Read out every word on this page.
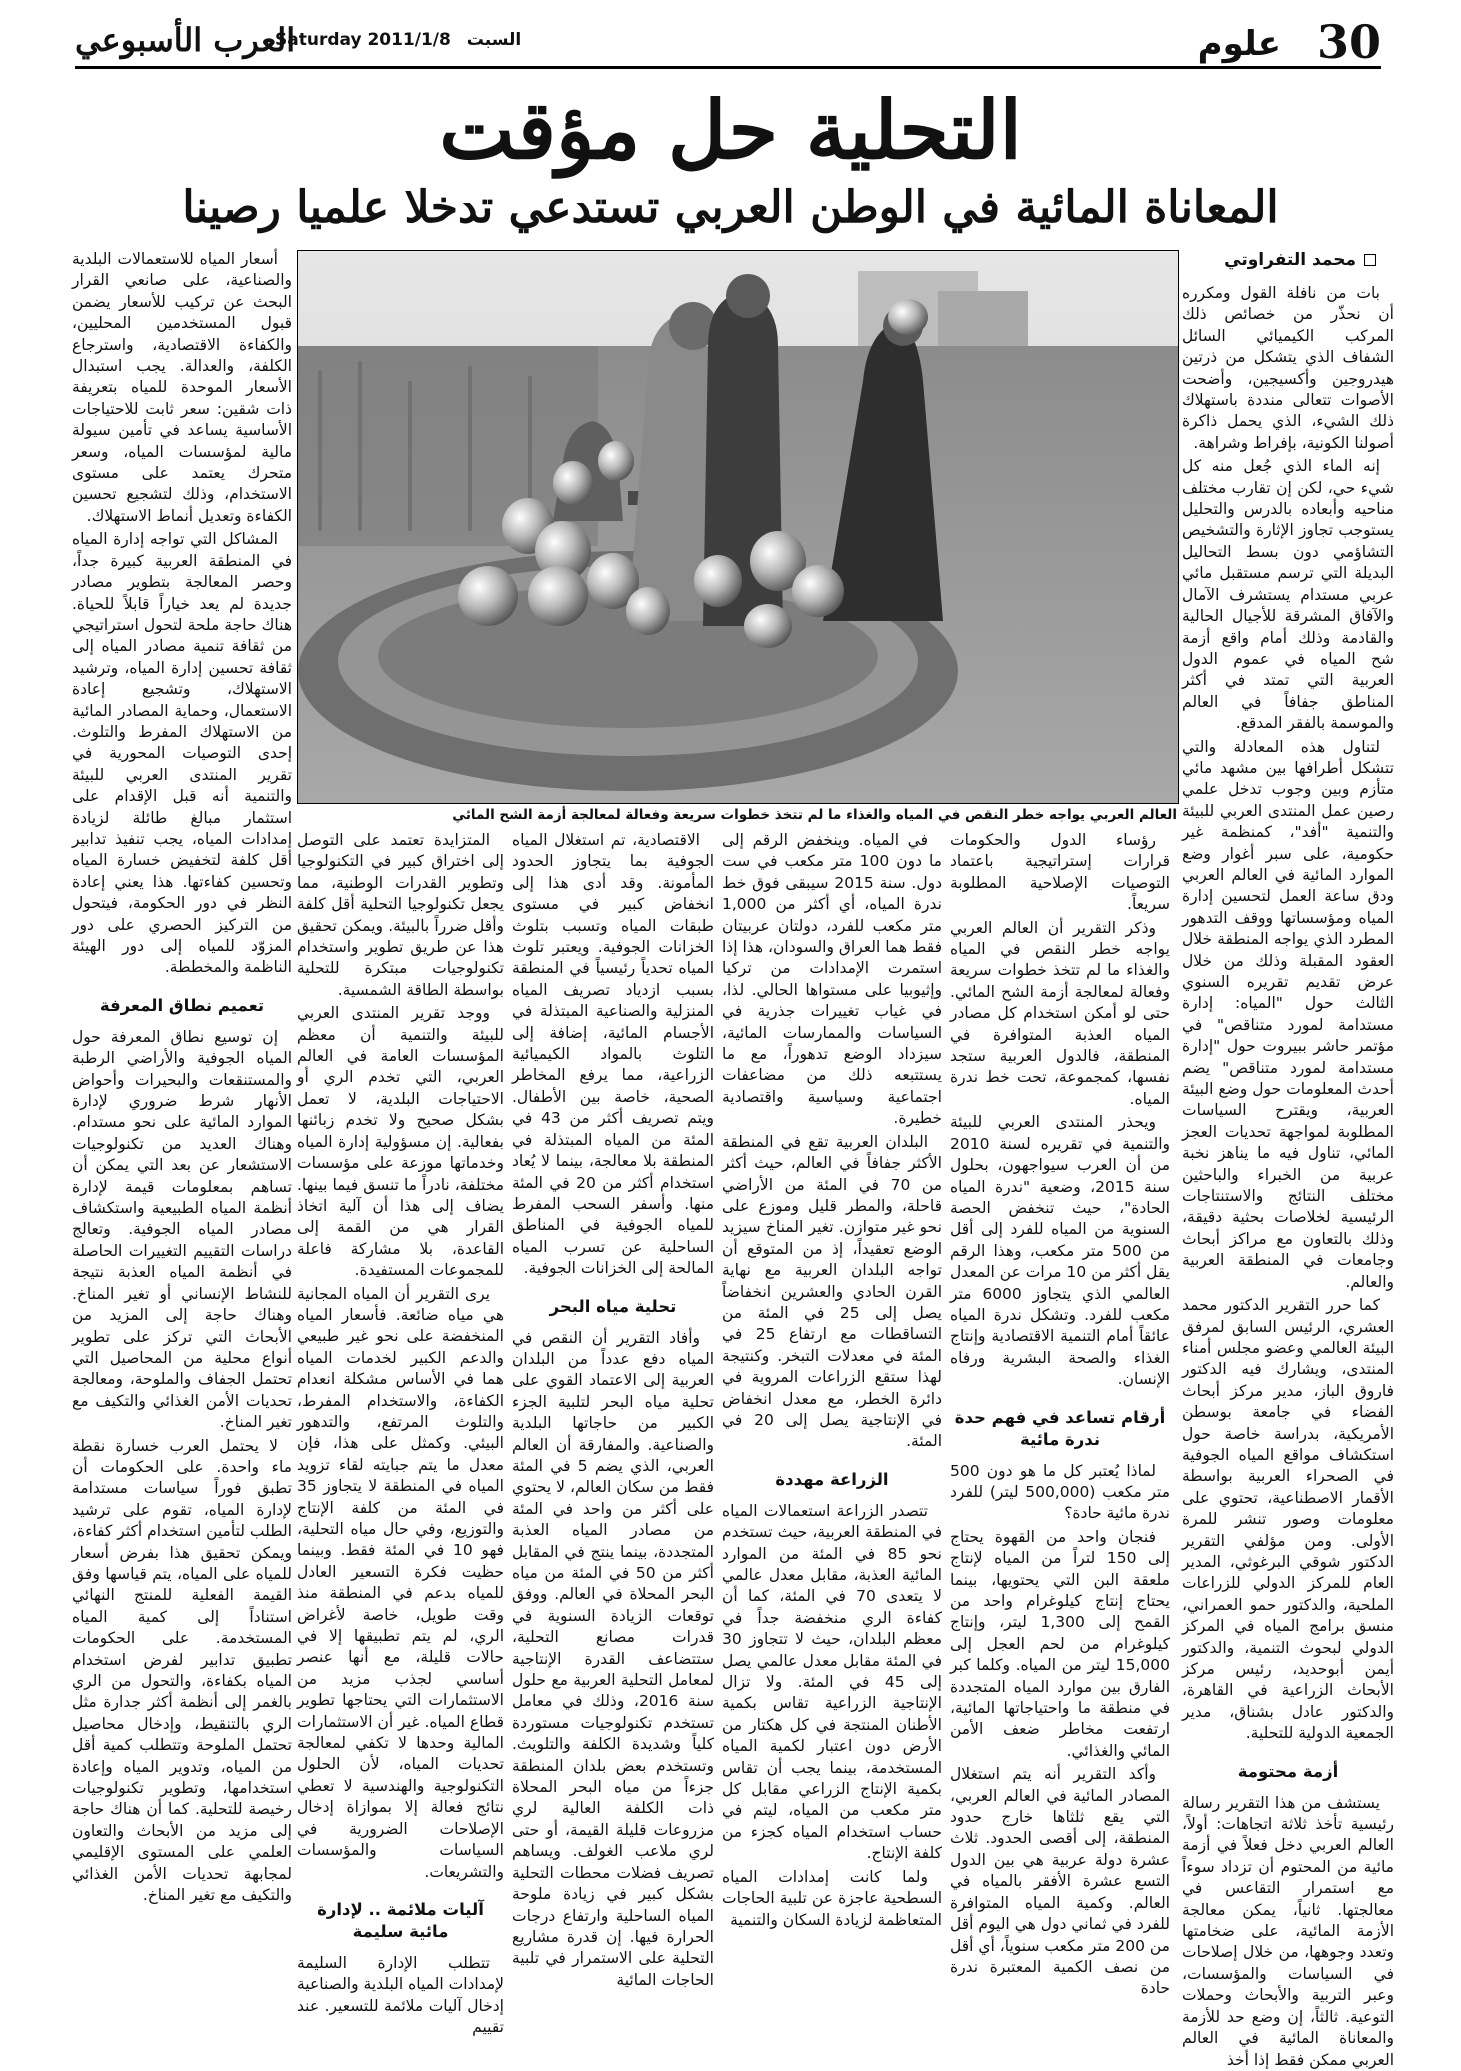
30
علوم
العرب الأسبوعي
Saturday 2011/1/8 السبت
التحلية حل مؤقت
المعاناة المائية في الوطن العربي تستدعي تدخلا علميا رصينا
محمد التفراوتي
العالم العربي يواجه خطر النقص في المياه والغذاء ما لم تتخذ خطوات سريعة وفعالة لمعالجة أزمة الشح المائي

بات من نافلة القول ومكرره أن نحذّر من خصائص ذلك المركب الكيميائي السائل الشفاف الذي يتشكل من ذرتين هيدروجين وأكسيجين، وأضحت الأصوات تتعالى منددة باستهلاك ذلك الشيء، الذي يحمل ذاكرة أصولنا الكونية، بإفراط وشراهة.

إنه الماء الذي جُعل منه كل شيء حي، لكن إن تقارب مختلف مناحيه وأبعاده بالدرس والتحليل يستوجب تجاوز الإثارة والتشخيص التشاؤمي دون بسط التحاليل البديلة التي ترسم مستقبل مائي عربي مستدام يستشرف الآمال والآفاق المشرقة للأجيال الحالية والقادمة وذلك أمام واقع أزمة شح المياه في عموم الدول العربية التي تمتد في أكثر المناطق جفافاً في العالم والموسمة بالفقر المدقع.

لتناول هذه المعادلة والتي تتشكل أطرافها بين مشهد مائي متأزم وبين وجوب تدخل علمي رصين عمل المنتدى العربي للبيئة والتنمية "أفد"، كمنظمة غير حكومية، على سبر أغوار وضع الموارد المائية في العالم العربي ودق ساعة العمل لتحسين إدارة المياه ومؤسساتها ووقف التدهور المطرد الذي يواجه المنطقة خلال العقود المقبلة وذلك من خلال عرض تقديم تقريره السنوي الثالث حول "المياه: إدارة مستدامة لمورد متناقص" في مؤتمر حاشر ببيروت حول "إدارة مستدامة لمورد متناقص" يضم أحدث المعلومات حول وضع البيئة العربية، ويقترح السياسات المطلوبة لمواجهة تحديات العجز المائي، تناول فيه ما يناهز نخبة عربية من الخبراء والباحثين مختلف النتائج والاستنتاجات الرئيسية لخلاصات بحثية دقيقة، وذلك بالتعاون مع مراكز أبحاث وجامعات في المنطقة العربية والعالم.

كما حرر التقرير الدكتور محمد العشري، الرئيس السابق لمرفق البيئة العالمي وعضو مجلس أمناء المنتدى، ويشارك فيه الدكتور فاروق الباز، مدير مركز أبحاث الفضاء في جامعة بوسطن الأمريكية، بدراسة خاصة حول استكشاف مواقع المياه الجوفية في الصحراء العربية بواسطة الأقمار الاصطناعية، تحتوي على معلومات وصور تنشر للمرة الأولى. ومن مؤلفي التقرير الدكتور شوقي البرغوثي، المدير العام للمركز الدولي للزراعات الملحية، والدكتور حمو العمراني، منسق برامج المياه في المركز الدولي لبحوث التنمية، والدكتور أيمن أبوحديد، رئيس مركز الأبحاث الزراعية في القاهرة، والدكتور عادل بشناق، مدير الجمعية الدولية للتحلية.

أزمة محتومة

يستشف من هذا التقرير رسالة رئيسية تأخذ ثلاثة اتجاهات: أولاً، العالم العربي دخل فعلاً في أزمة مائية من المحتوم أن تزداد سوءاً مع استمرار التقاعس في معالجتها. ثانياً، يمكن معالجة الأزمة المائية، على ضخامتها وتعدد وجوهها، من خلال إصلاحات في السياسات والمؤسسات، وعبر التربية والأبحاث وحملات التوعية. ثالثاً، إن وضع حد للأزمة والمعاناة المائية في العالم العربي ممكن فقط إذا أخذ

رؤساء الدول والحكومات قرارات إستراتيجية باعتماد التوصيات الإصلاحية المطلوبة سريعاً.

وذكر التقرير أن العالم العربي يواجه خطر النقص في المياه والغذاء ما لم تتخذ خطوات سريعة وفعالة لمعالجة أزمة الشح المائي. حتى لو أمكن استخدام كل مصادر المياه العذبة المتوافرة في المنطقة، فالدول العربية ستجد نفسها، كمجموعة، تحت خط ندرة المياه.

ويحذر المنتدى العربي للبيئة والتنمية في تقريره لسنة 2010 من أن العرب سيواجهون، بحلول سنة 2015، وضعية "ندرة المياه الحادة"، حيث تنخفض الحصة السنوية من المياه للفرد إلى أقل من 500 متر مكعب، وهذا الرقم يقل أكثر من 10 مرات عن المعدل العالمي الذي يتجاوز 6000 متر مكعب للفرد. وتشكل ندرة المياه عائقاً أمام التنمية الاقتصادية وإنتاج الغذاء والصحة البشرية ورفاه الإنسان.

أرقام تساعد في فهم حدة ندرة مائية

لماذا يُعتبر كل ما هو دون 500 متر مكعب (500,000 ليتر) للفرد ندرة مائية حادة؟

فنجان واحد من القهوة يحتاج إلى 150 لتراً من المياه لإنتاج ملعقة البن التي يحتويها، بينما يحتاج إنتاج كيلوغرام واحد من القمح إلى 1,300 ليتر، وإنتاج كيلوغرام من لحم العجل إلى 15,000 ليتر من المياه. وكلما كبر الفارق بين موارد المياه المتجددة في منطقة ما واحتياجاتها المائية، ارتفعت مخاطر ضعف الأمن المائي والغذائي.

وأكد التقرير أنه يتم استغلال المصادر المائية في العالم العربي، التي يقع ثلثاها خارج حدود المنطقة، إلى أقصى الحدود. ثلاث عشرة دولة عربية هي بين الدول التسع عشرة الأفقر بالمياه في العالم. وكمية المياه المتوافرة للفرد في ثماني دول هي اليوم أقل من 200 متر مكعب سنوياً، أي أقل من نصف الكمية المعتبرة ندرة حادة

في المياه. وينخفض الرقم إلى ما دون 100 متر مكعب في ست دول. سنة 2015 سيبقى فوق خط ندرة المياه، أي أكثر من 1,000 متر مكعب للفرد، دولتان عربيتان فقط هما العراق والسودان، هذا إذا استمرت الإمدادات من تركيا وإثيوبيا على مستواها الحالي. لذا، في غياب تغييرات جذرية في السياسات والممارسات المائية، سيزداد الوضع تدهوراً، مع ما يستتبعه ذلك من مضاعفات اجتماعية وسياسية واقتصادية خطيرة.

البلدان العربية تقع في المنطقة الأكثر جفافاً في العالم، حيث أكثر من 70 في المئة من الأراضي قاحلة، والمطر قليل وموزع على نحو غير متوازن. تغير المناخ سيزيد الوضع تعقيداً، إذ من المتوقع أن تواجه البلدان العربية مع نهاية القرن الحادي والعشرين انخفاضاً يصل إلى 25 في المئة من التساقطات مع ارتفاع 25 في المئة في معدلات التبخر. وكنتيجة لهذا ستقع الزراعات المروية في دائرة الخطر، مع معدل انخفاض في الإنتاجية يصل إلى 20 في المئة.

الزراعة مهددة

تتصدر الزراعة استعمالات المياه في المنطقة العربية، حيث تستخدم نحو 85 في المئة من الموارد المائية العذبة، مقابل معدل عالمي لا يتعدى 70 في المئة، كما أن كفاءة الري منخفضة جداً في معظم البلدان، حيث لا تتجاوز 30 في المئة مقابل معدل عالمي يصل إلى 45 في المئة. ولا تزال الإنتاجية الزراعية تقاس بكمية الأطنان المنتجة في كل هكتار من الأرض دون اعتبار لكمية المياه المستخدمة، بينما يجب أن تقاس بكمية الإنتاج الزراعي مقابل كل متر مكعب من المياه، ليتم في حساب استخدام المياه كجزء من كلفة الإنتاج.

ولما كانت إمدادات المياه السطحية عاجزة عن تلبية الحاجات المتعاظمة لزيادة السكان والتنمية

الاقتصادية، تم استغلال المياه الجوفية بما يتجاوز الحدود المأمونة. وقد أدى هذا إلى انخفاض كبير في مستوى طبقات المياه وتسبب بتلوث الخزانات الجوفية. ويعتبر تلوث المياه تحدياً رئيسياً في المنطقة بسبب ازدياد تصريف المياه المنزلية والصناعية المبتذلة في الأجسام المائية، إضافة إلى التلوث بالمواد الكيميائية الزراعية، مما يرفع المخاطر الصحية، خاصة بين الأطفال. ويتم تصريف أكثر من 43 في المئة من المياه المبتذلة في المنطقة بلا معالجة، بينما لا يُعاد استخدام أكثر من 20 في المئة منها. وأسفر السحب المفرط للمياه الجوفية في المناطق الساحلية عن تسرب المياه المالحة إلى الخزانات الجوفية.

تحلية مياه البحر

وأفاد التقرير أن النقص في المياه دفع عدداً من البلدان العربية إلى الاعتماد القوي على تحلية مياه البحر لتلبية الجزء الكبير من حاجاتها البلدية والصناعية. والمفارقة أن العالم العربي، الذي يضم 5 في المئة فقط من سكان العالم، لا يحتوي على أكثر من واحد في المئة من مصادر المياه العذبة المتجددة، بينما ينتج في المقابل أكثر من 50 في المئة من مياه البحر المحلاة في العالم. ووفق توقعات الزيادة السنوية في قدرات مصانع التحلية، ستتضاعف القدرة الإنتاجية لمعامل التحلية العربية مع حلول سنة 2016، وذلك في معامل تستخدم تكنولوجيات مستوردة كلياً وشديدة الكلفة والتلويث. وتستخدم بعض بلدان المنطقة جزءاً من مياه البحر المحلاة ذات الكلفة العالية لري مزروعات قليلة القيمة، أو حتى لري ملاعب الغولف. ويساهم تصريف فضلات محطات التحلية بشكل كبير في زيادة ملوحة المياه الساحلية وارتفاع درجات الحرارة فيها. إن قدرة مشاريع التحلية على الاستمرار في تلبية الحاجات المائية

المتزايدة تعتمد على التوصل إلى اختراق كبير في التكنولوجيا وتطوير القدرات الوطنية، مما يجعل تكنولوجيا التحلية أقل كلفة وأقل ضرراً بالبيئة. ويمكن تحقيق هذا عن طريق تطوير واستخدام تكنولوجيات مبتكرة للتحلية بواسطة الطاقة الشمسية.

ووجد تقرير المنتدى العربي للبيئة والتنمية أن معظم المؤسسات العامة في العالم العربي، التي تخدم الري أو الاحتياجات البلدية، لا تعمل بشكل صحيح ولا تخدم زبائنها بفعالية. إن مسؤولية إدارة المياه وخدماتها موزعة على مؤسسات مختلفة، نادراً ما تنسق فيما بينها. يضاف إلى هذا أن آلية اتخاذ القرار هي من القمة إلى القاعدة، بلا مشاركة فاعلة للمجموعات المستفيدة.

يرى التقرير أن المياه المجانية هي مياه ضائعة. فأسعار المياه المنخفضة على نحو غير طبيعي والدعم الكبير لخدمات المياه هما في الأساس مشكلة انعدام الكفاءة، والاستخدام المفرط، والتلوث المرتفع، والتدهور البيئي. وكمثل على هذا، فإن معدل ما يتم جبايته لقاء تزويد المياه في المنطقة لا يتجاوز 35 في المئة من كلفة الإنتاج والتوزيع، وفي حال مياه التحلية، فهو 10 في المئة فقط. وبينما حظيت فكرة التسعير العادل للمياه بدعم في المنطقة منذ وقت طويل، خاصة لأغراض الري، لم يتم تطبيقها إلا في حالات قليلة، مع أنها عنصر أساسي لجذب مزيد من الاستثمارات التي يحتاجها تطوير قطاع المياه. غير أن الاستثمارات المالية وحدها لا تكفي لمعالجة تحديات المياه، لأن الحلول التكنولوجية والهندسية لا تعطي نتائج فعالة إلا بموازاة إدخال الإصلاحات الضرورية في السياسات والمؤسسات والتشريعات.

آليات ملائمة .. لإدارة مائية سليمة

تتطلب الإدارة السليمة لإمدادات المياه البلدية والصناعية إدخال آليات ملائمة للتسعير. عند تقييم

أسعار المياه للاستعمالات البلدية والصناعية، على صانعي القرار البحث عن تركيب للأسعار يضمن قبول المستخدمين المحليين، والكفاءة الاقتصادية، واسترجاع الكلفة، والعدالة. يجب استبدال الأسعار الموحدة للمياه بتعريفة ذات شقين: سعر ثابت للاحتياجات الأساسية يساعد في تأمين سيولة مالية لمؤسسات المياه، وسعر متحرك يعتمد على مستوى الاستخدام، وذلك لتشجيع تحسين الكفاءة وتعديل أنماط الاستهلاك.

المشاكل التي تواجه إدارة المياه في المنطقة العربية كبيرة جداً، وحصر المعالجة بتطوير مصادر جديدة لم يعد خياراً قابلاً للحياة. هناك حاجة ملحة لتحول استراتيجي من ثقافة تنمية مصادر المياه إلى ثقافة تحسين إدارة المياه، وترشيد الاستهلاك، وتشجيع إعادة الاستعمال، وحماية المصادر المائية من الاستهلاك المفرط والتلوث. إحدى التوصيات المحورية في تقرير المنتدى العربي للبيئة والتنمية أنه قبل الإقدام على استثمار مبالغ طائلة لزيادة إمدادات المياه، يجب تنفيذ تدابير أقل كلفة لتخفيض خسارة المياه وتحسين كفاءتها. هذا يعني إعادة النظر في دور الحكومة، فيتحول من التركيز الحصري على دور المزوّد للمياه إلى دور الهيئة الناظمة والمخططة.

تعميم نطاق المعرفة

إن توسيع نطاق المعرفة حول المياه الجوفية والأراضي الرطبة والمستنقعات والبحيرات وأحواض الأنهار شرط ضروري لإدارة الموارد المائية على نحو مستدام. وهناك العديد من تكنولوجيات الاستشعار عن بعد التي يمكن أن تساهم بمعلومات قيمة لإدارة أنظمة المياه الطبيعية واستكشاف مصادر المياه الجوفية. وتعالج دراسات التقييم التغييرات الحاصلة في أنظمة المياه العذبة نتيجة للنشاط الإنساني أو تغير المناخ. وهناك حاجة إلى المزيد من الأبحاث التي تركز على تطوير أنواع محلية من المحاصيل التي تحتمل الجفاف والملوحة، ومعالجة تحديات الأمن الغذائي والتكيف مع تغير المناخ.

لا يحتمل العرب خسارة نقطة ماء واحدة. على الحكومات أن تطبق فوراً سياسات مستدامة لإدارة المياه، تقوم على ترشيد الطلب لتأمين استخدام أكثر كفاءة، ويمكن تحقيق هذا بفرض أسعار للمياه على المياه، يتم قياسها وفق القيمة الفعلية للمنتج النهائي استناداً إلى كمية المياه المستخدمة. على الحكومات تطبيق تدابير لفرض استخدام المياه بكفاءة، والتحول من الري بالغمر إلى أنظمة أكثر جدارة مثل الري بالتنقيط، وإدخال محاصيل تحتمل الملوحة وتتطلب كمية أقل من المياه، وتدوير المياه وإعادة استخدامها، وتطوير تكنولوجيات رخيصة للتحلية. كما أن هناك حاجة إلى مزيد من الأبحاث والتعاون العلمي على المستوى الإقليمي لمجابهة تحديات الأمن الغذائي والتكيف مع تغير المناخ.
